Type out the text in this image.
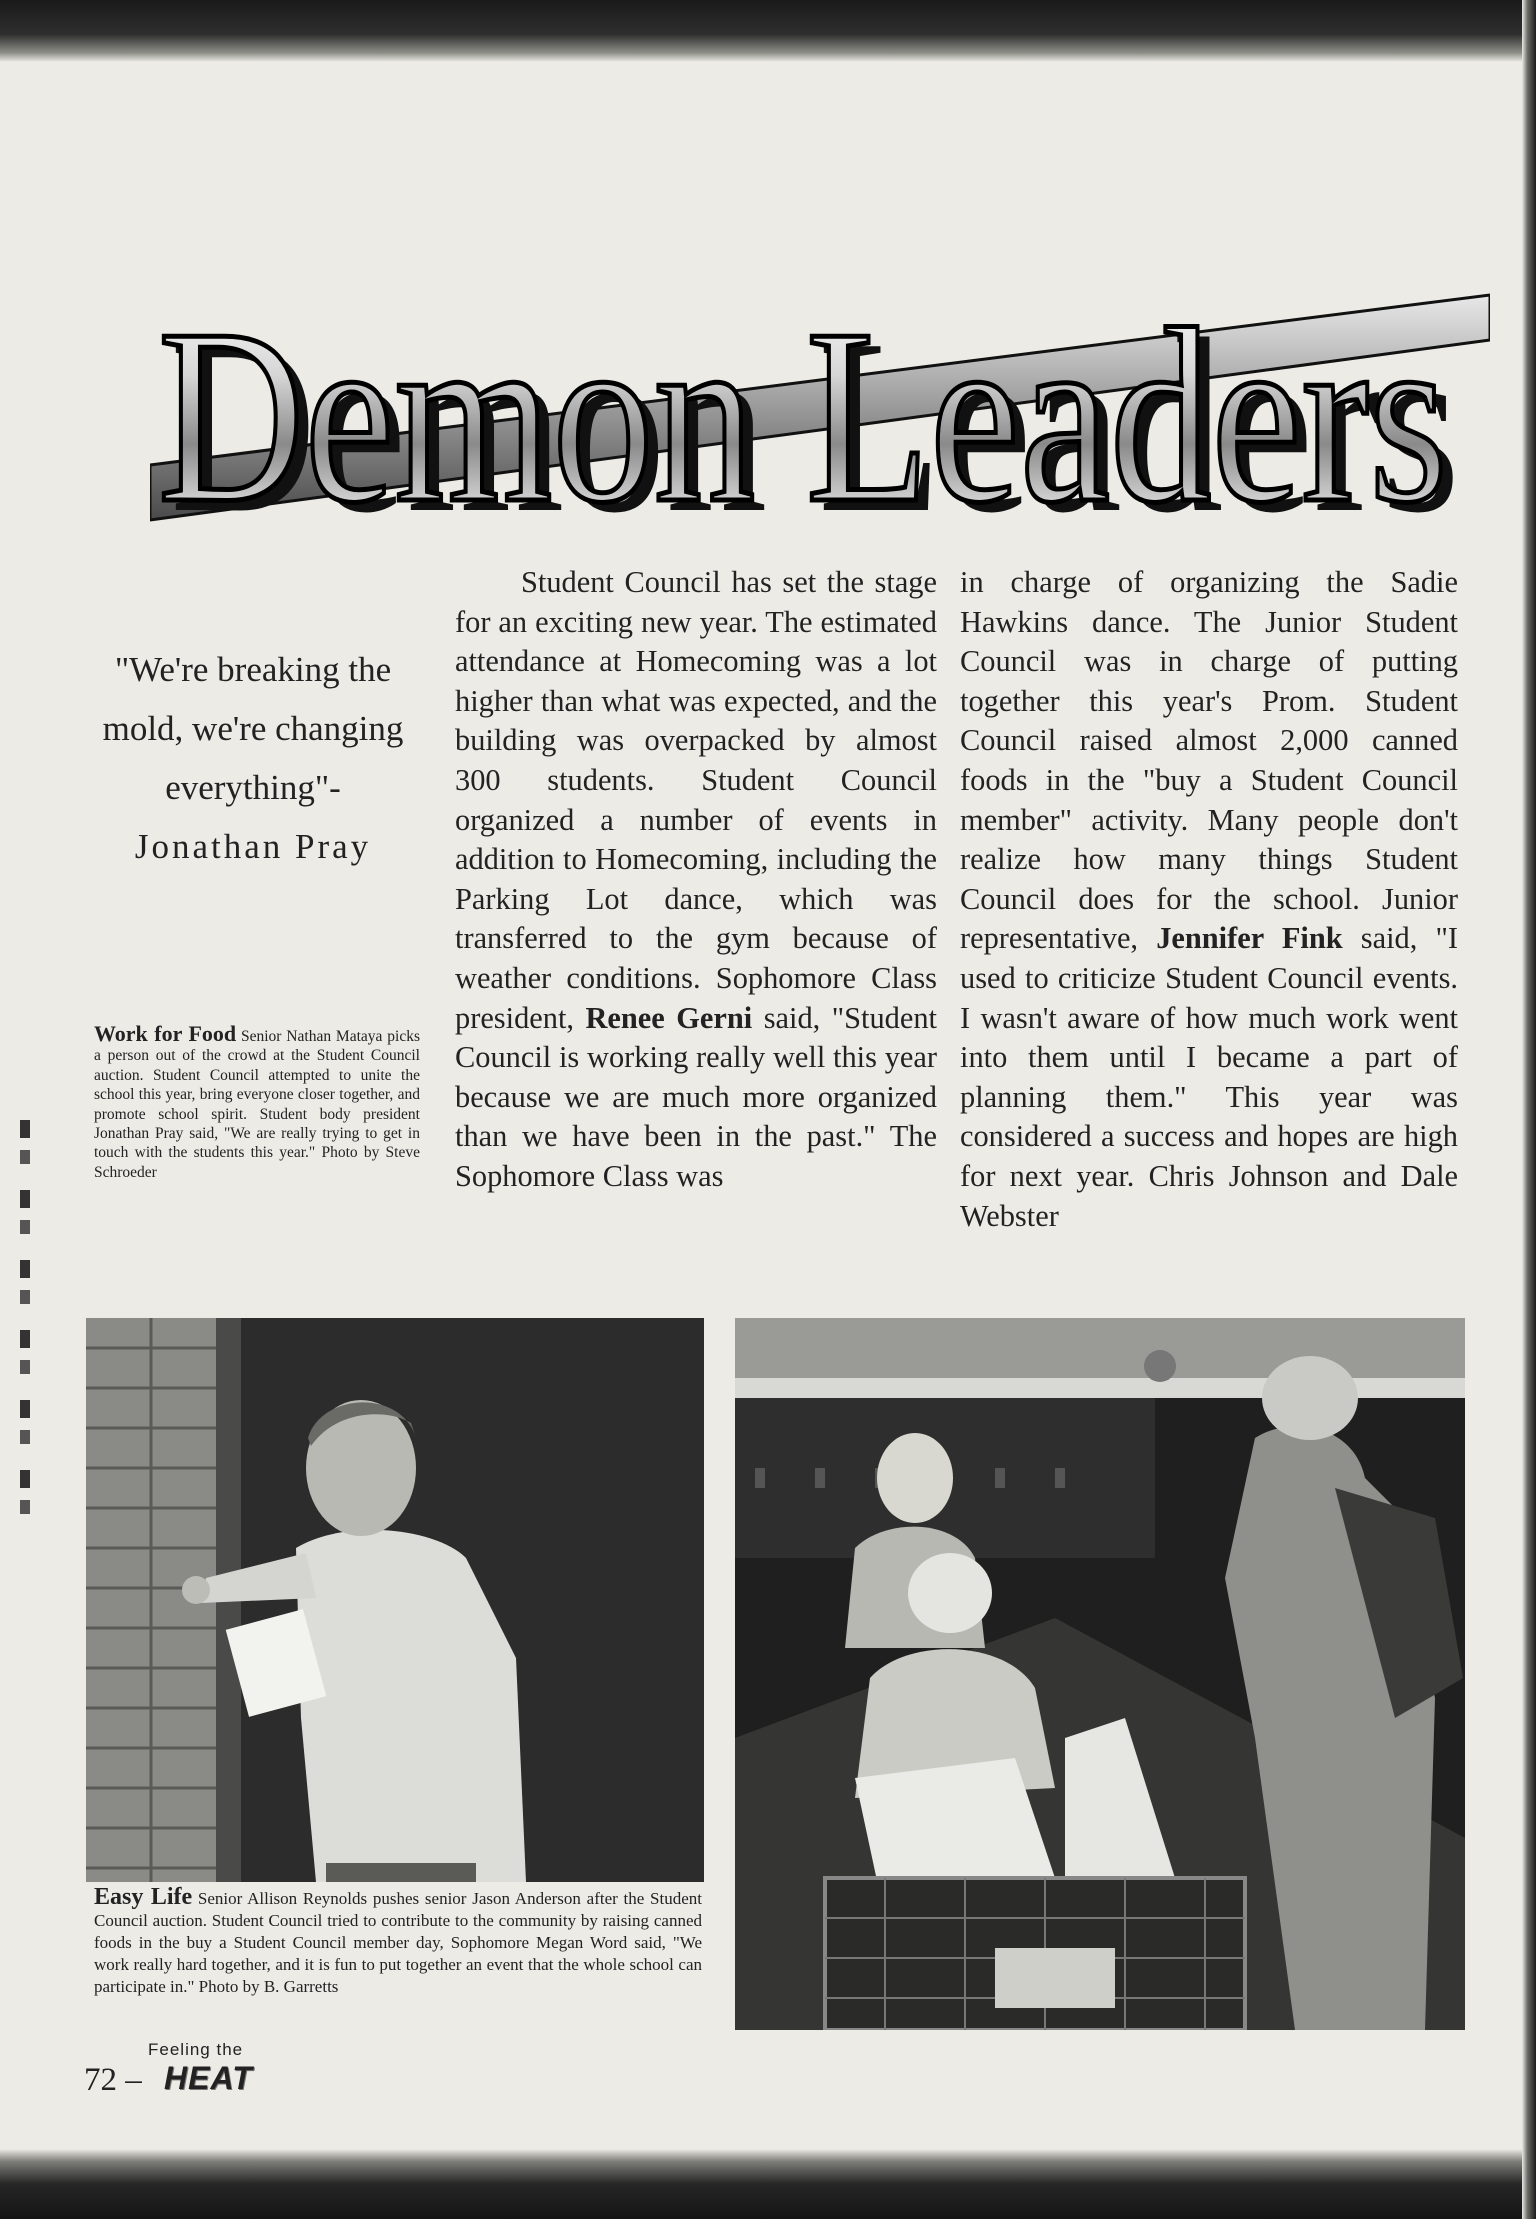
Demon Leaders
Demon Leaders
"We're breaking the mold, we're changing everything"-
Jonathan Pray
Work for Food Senior Nathan Mataya picks a person out of the crowd at the Student Council auction. Student Council attempted to unite the school this year, bring everyone closer together, and promote school spirit. Student body president Jonathan Pray said, "We are really trying to get in touch with the students this year." Photo by Steve Schroeder
Student Council has set the stage for an exciting new year. The estimated attendance at Homecoming was a lot higher than what was expected, and the building was overpacked by almost 300 students. Student Council organized a number of events in addition to Homecoming, including the Parking Lot dance, which was transferred to the gym because of weather conditions. Sophomore Class president, Renee Gerni said, "Student Council is working really well this year because we are much more organized than we have been in the past." The Sophomore Class was
in charge of organizing the Sadie Hawkins dance. The Junior Student Council was in charge of putting together this year's Prom. Student Council raised almost 2,000 canned foods in the "buy a Student Council member" activity. Many people don't realize how many things Student Council does for the school. Junior representative, Jennifer Fink said, "I used to criticize Student Council events. I wasn't aware of how much work went into them until I became a part of planning them." This year was considered a success and hopes are high for next year. Chris Johnson and Dale Webster
Easy Life Senior Allison Reynolds pushes senior Jason Anderson after the Student Council auction. Student Council tried to contribute to the community by raising canned foods in the buy a Student Council member day, Sophomore Megan Word said, "We work really hard together, and it is fun to put together an event that the whole school can participate in." Photo by B. Garretts
Feeling the
72 – HEAT
